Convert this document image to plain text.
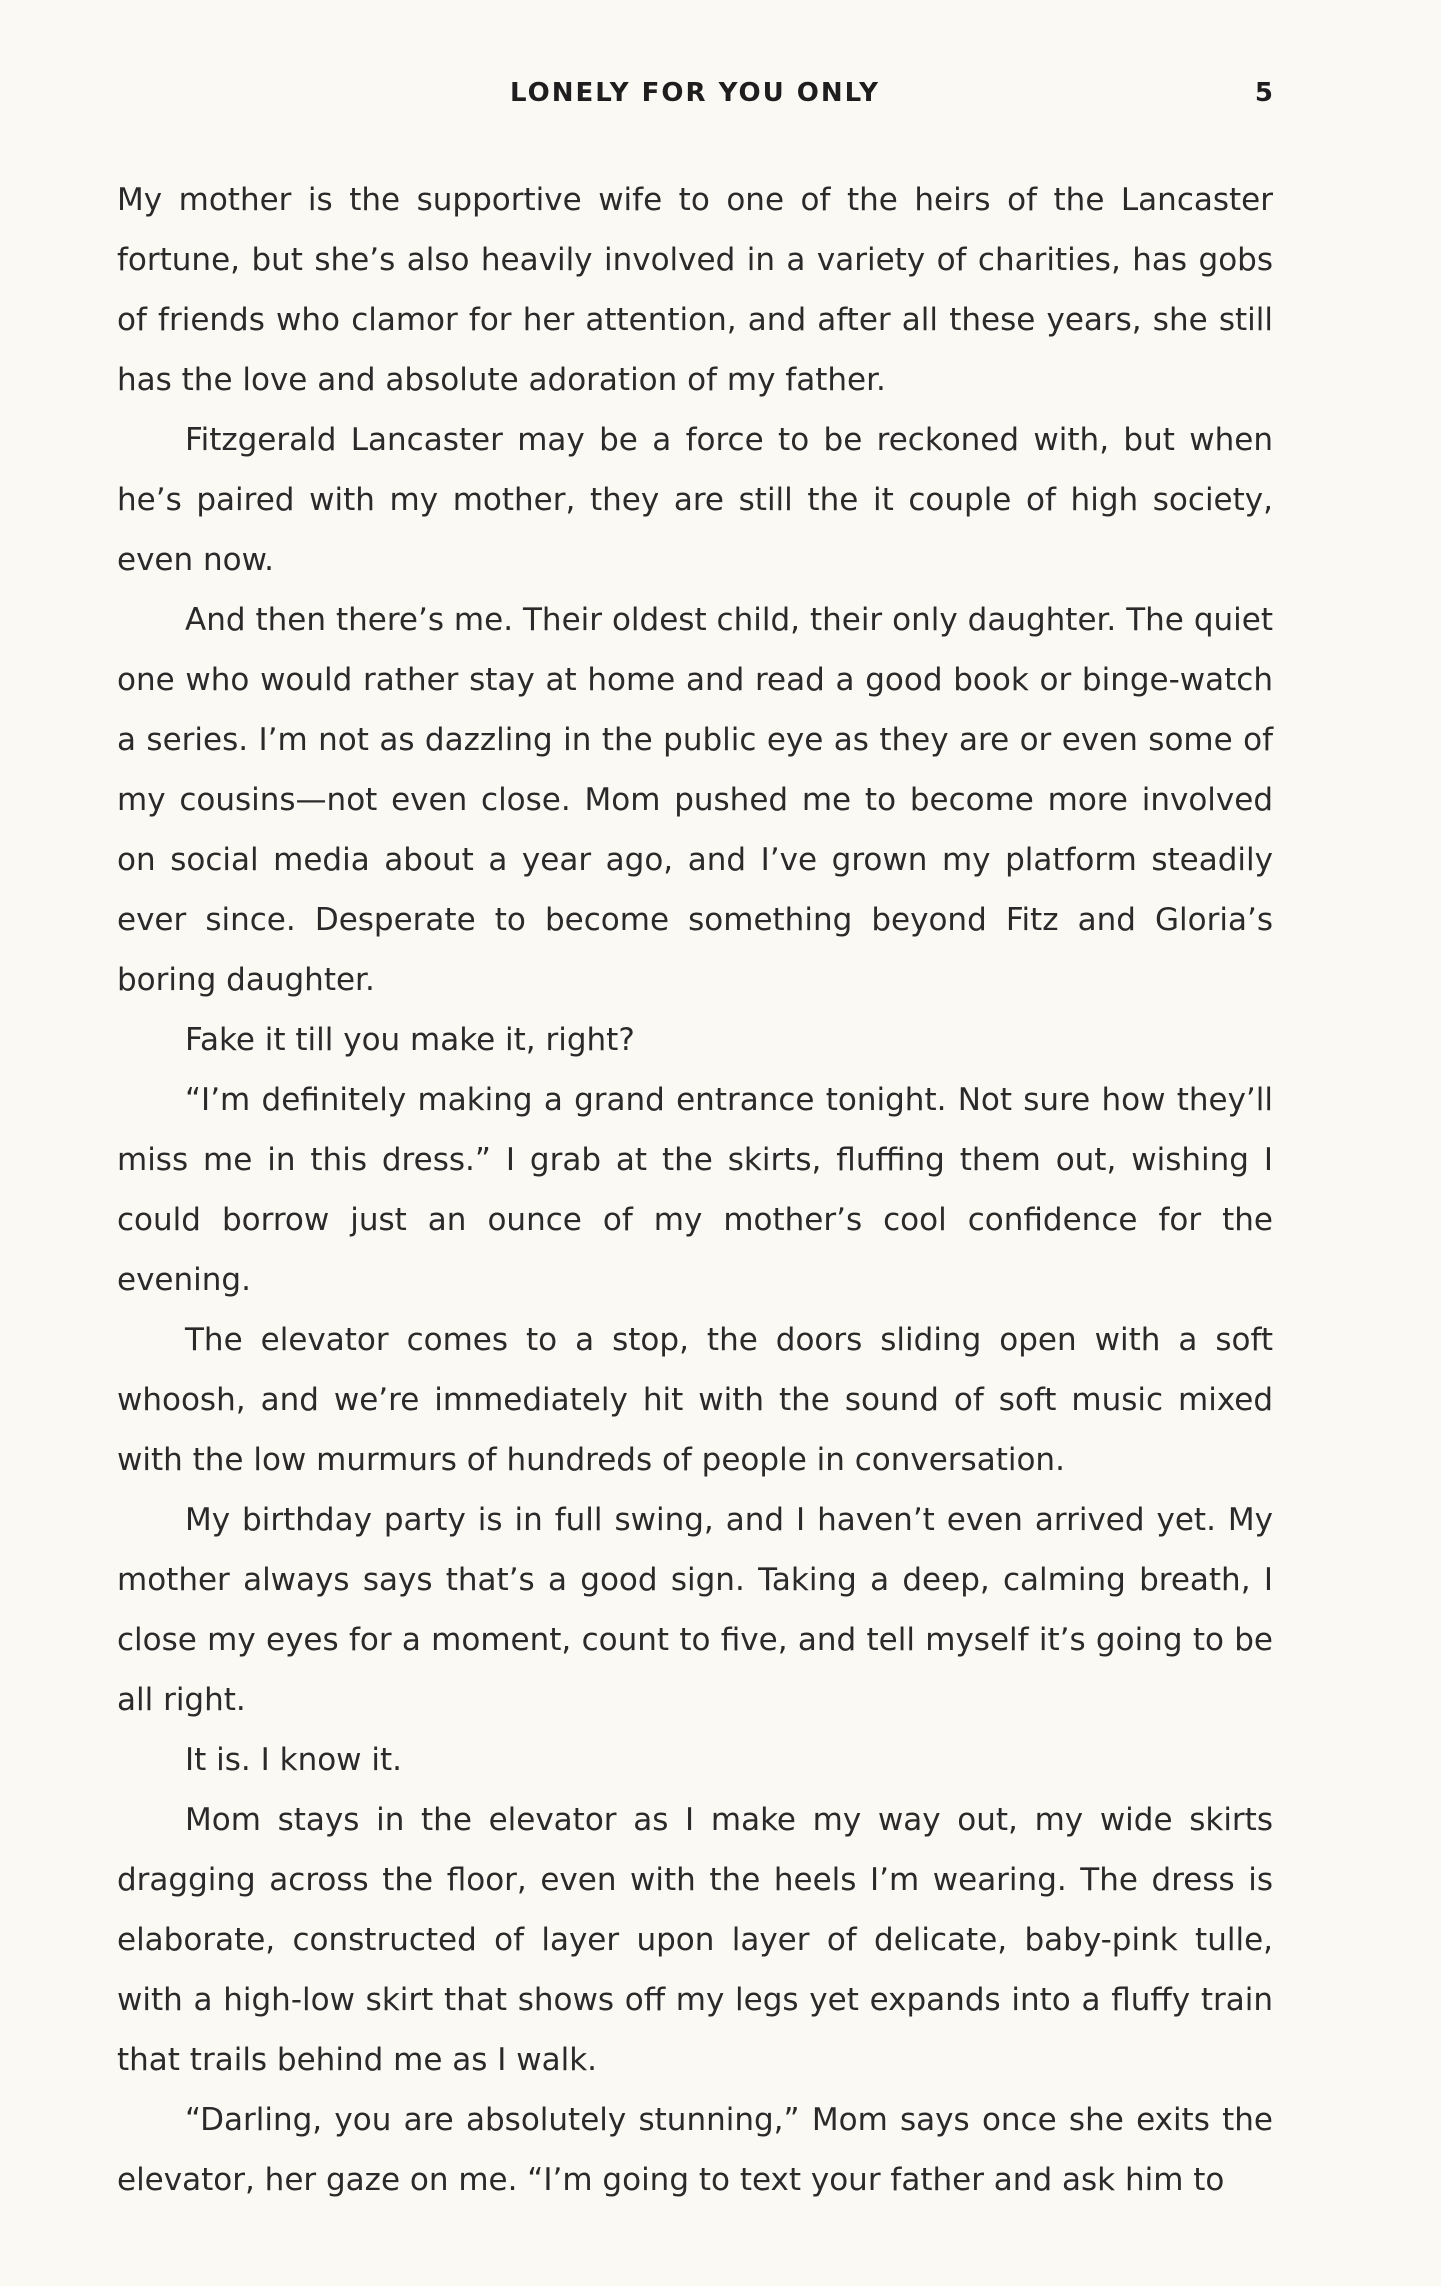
LONELY FOR YOU ONLY	5

My mother is the supportive wife to one of the heirs of the Lancaster fortune, but she’s also heavily involved in a variety of charities, has gobs of friends who clamor for her attention, and after all these years, she still has the love and absolute adoration of my father.

Fitzgerald Lancaster may be a force to be reckoned with, but when he’s paired with my mother, they are still the it couple of high society, even now.

And then there’s me. Their oldest child, their only daughter. The quiet one who would rather stay at home and read a good book or binge-watch a series. I’m not as dazzling in the public eye as they are or even some of my cousins—not even close. Mom pushed me to become more involved on social media about a year ago, and I’ve grown my platform steadily ever since. Desperate to become something beyond Fitz and Gloria’s boring daughter.

Fake it till you make it, right?

“I’m definitely making a grand entrance tonight. Not sure how they’ll miss me in this dress.” I grab at the skirts, fluffing them out, wishing I could borrow just an ounce of my mother’s cool confidence for the evening.

The elevator comes to a stop, the doors sliding open with a soft whoosh, and we’re immediately hit with the sound of soft music mixed with the low murmurs of hundreds of people in conversation.

My birthday party is in full swing, and I haven’t even arrived yet. My mother always says that’s a good sign. Taking a deep, calming breath, I close my eyes for a moment, count to five, and tell myself it’s going to be all right.

It is. I know it.

Mom stays in the elevator as I make my way out, my wide skirts dragging across the floor, even with the heels I’m wearing. The dress is elaborate, constructed of layer upon layer of delicate, baby-pink tulle, with a high-low skirt that shows off my legs yet expands into a fluffy train that trails behind me as I walk.

“Darling, you are absolutely stunning,” Mom says once she exits the elevator, her gaze on me. “I’m going to text your father and ask him to
